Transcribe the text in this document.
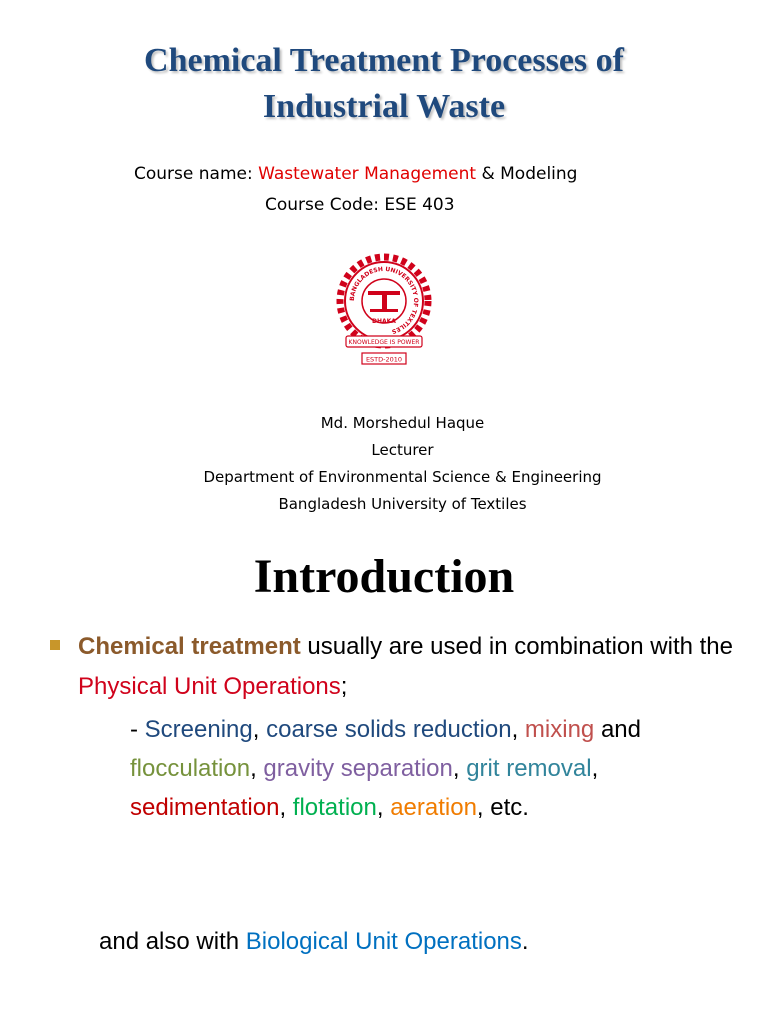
Chemical Treatment Processes of
Industrial Waste
Course name: Wastewater Management & Modeling
Course Code: ESE 403
BANGLADESH UNIVERSITY OF TEXTILES
DHAKA
KNOWLEDGE IS POWER
ESTD-2010
Md. Morshedul Haque
Lecturer
Department of Environmental Science & Engineering
Bangladesh University of Textiles
Introduction
Chemical treatment usually are used in combination with the Physical Unit Operations;
- Screening, coarse solids reduction, mixing and flocculation, gravity separation, grit removal, sedimentation, flotation, aeration, etc.
and also with Biological Unit Operations.
